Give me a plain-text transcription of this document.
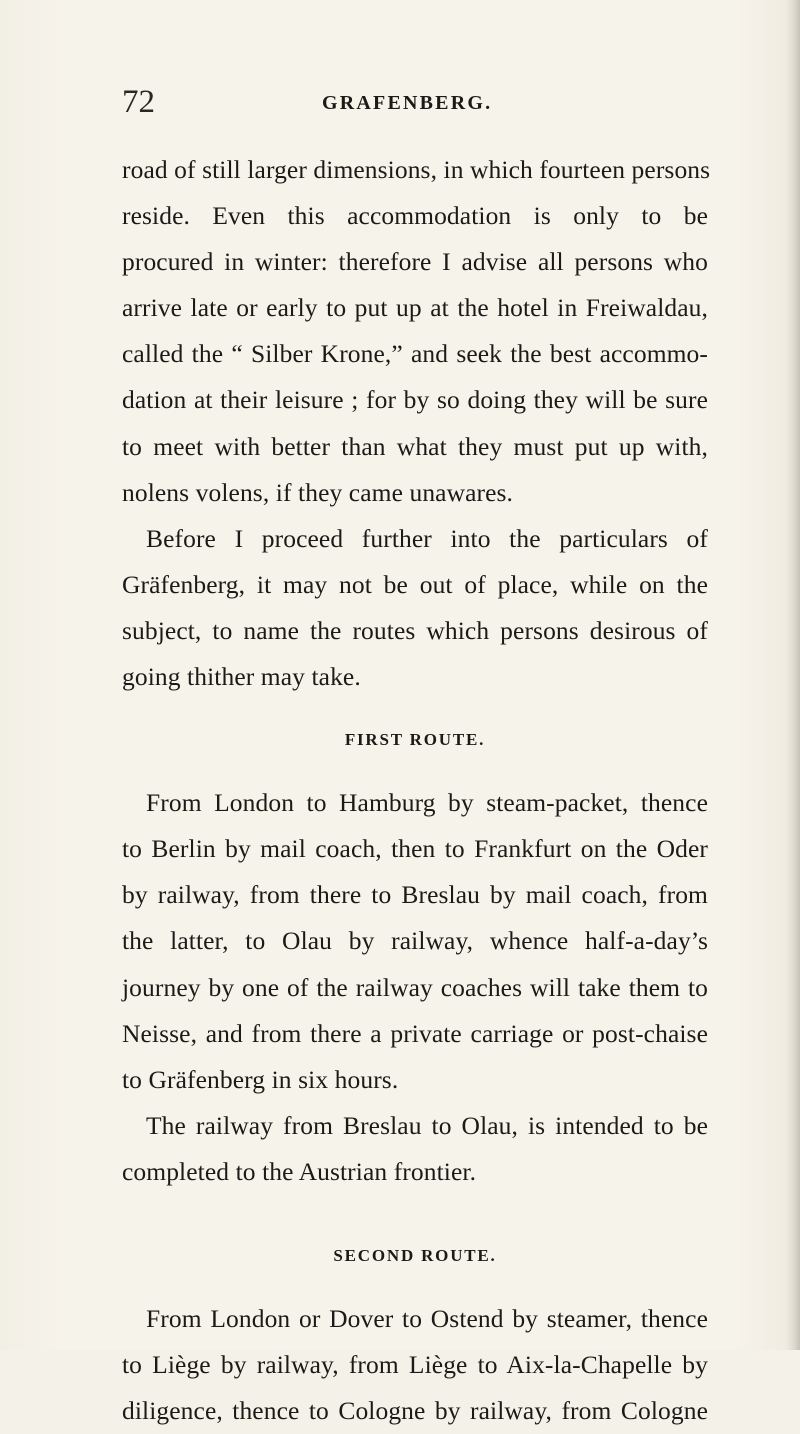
72	GRAFENBERG.

road of still larger dimensions, in which fourteen persons
reside. Even this accommodation is only to be
procured in winter: therefore I advise all persons who
arrive late or early to put up at the hotel in Freiwaldau,
called the “ Silber Krone,” and seek the best accommo-
dation at their leisure ; for by so doing they will be sure
to meet with better than what they must put up with,
nolens volens, if they came unawares.

Before I proceed further into the particulars of
Gräfenberg, it may not be out of place, while on the
subject, to name the routes which persons desirous of
going thither may take.

FIRST ROUTE.

From London to Hamburg by steam-packet, thence
to Berlin by mail coach, then to Frankfurt on the Oder
by railway, from there to Breslau by mail coach, from
the latter, to Olau by railway, whence half-a-day’s
journey by one of the railway coaches will take them to
Neisse, and from there a private carriage or post-chaise
to Gräfenberg in six hours.

The railway from Breslau to Olau, is intended to be
completed to the Austrian frontier.

SECOND ROUTE.

From London or Dover to Ostend by steamer, thence
to Liège by railway, from Liège to Aix-la-Chapelle by
diligence, thence to Cologne by railway, from Cologne
